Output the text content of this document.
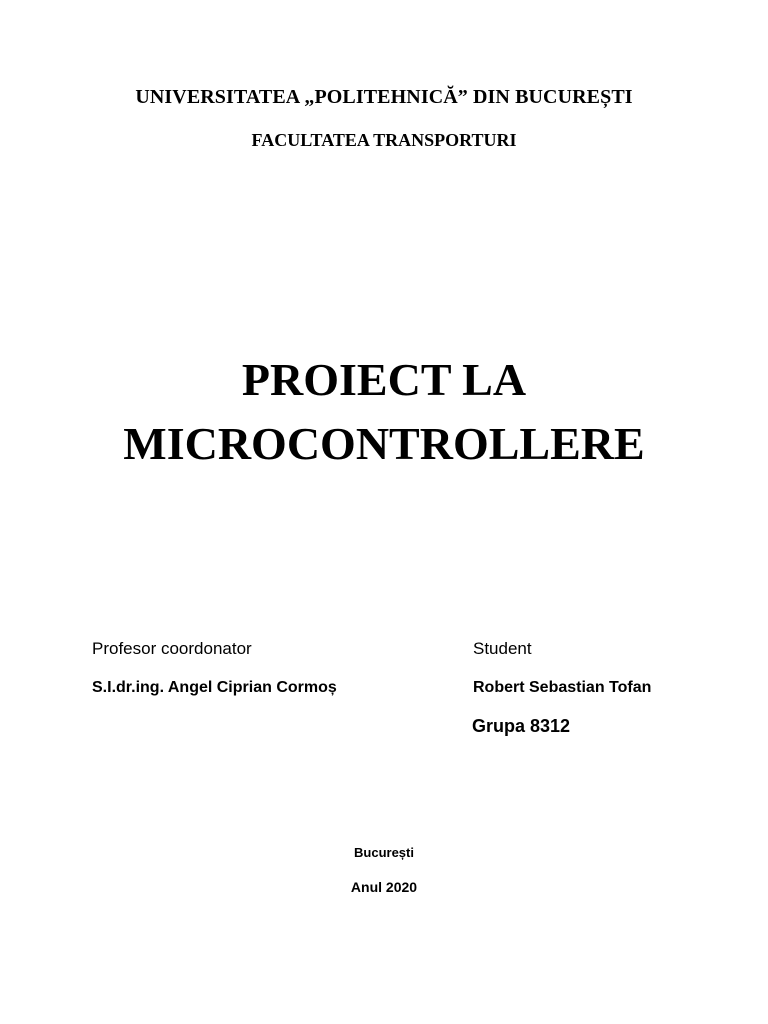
UNIVERSITATEA „POLITEHNICĂ” DIN BUCUREȘTI
FACULTATEA TRANSPORTURI
PROIECT LA
MICROCONTROLLERE
Profesor coordonator	Student
S.I.dr.ing. Angel Ciprian Cormoș	Robert Sebastian Tofan
Grupa 8312
București
Anul 2020
